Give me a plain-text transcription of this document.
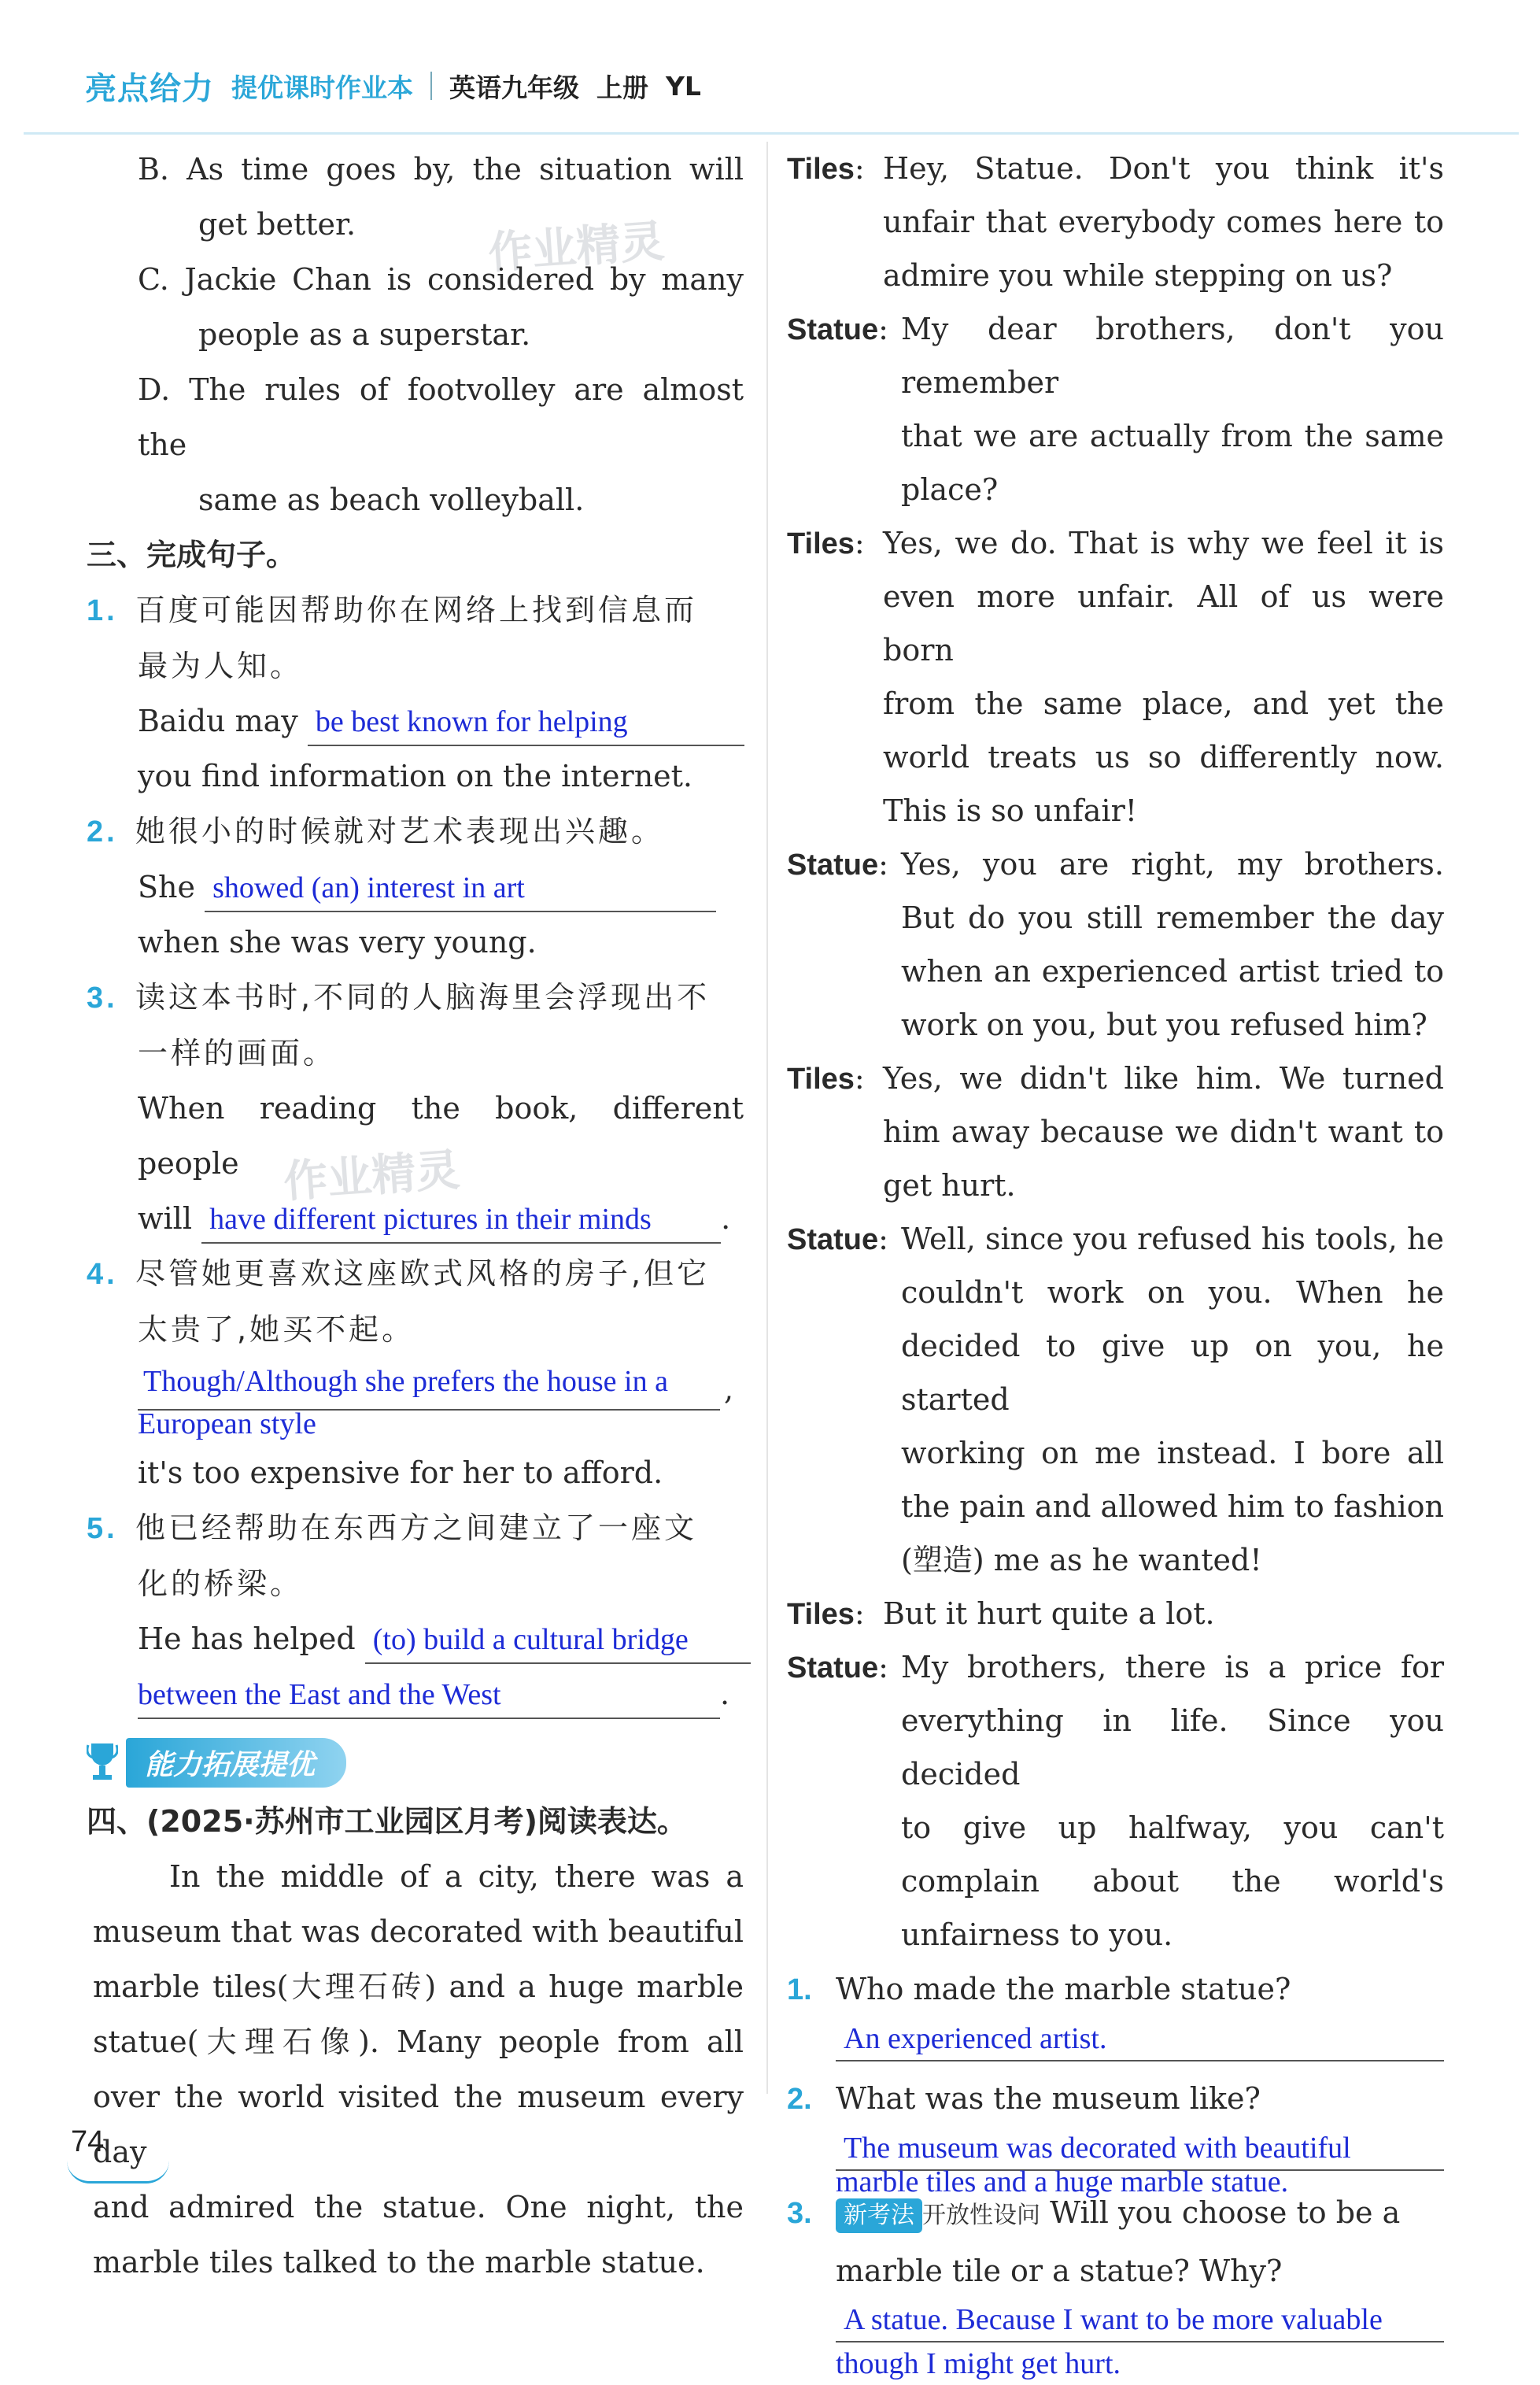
亮点给力 提优课时作业本 英语九年级 上册 YL
作业精灵
作业精灵
B. As time goes by, the situation will
get better.
C. Jackie Chan is considered by many
people as a superstar.
D. The rules of footvolley are almost the
same as beach volleyball.
三、完成句子。
1. 百度可能因帮助你在网络上找到信息而
最为人知。
Baidu may be best known for helping
you find information on the internet.
2. 她很小的时候就对艺术表现出兴趣。
She showed (an) interest in art
when she was very young.
3. 读这本书时,不同的人脑海里会浮现出不
一样的画面。
When reading the book, different people
will have different pictures in their minds .
4. 尽管她更喜欢这座欧式风格的房子,但它
太贵了,她买不起。
Though/Although she prefers the house in a ,
European style
it's too expensive for her to afford.
5. 他已经帮助在东西方之间建立了一座文
化的桥梁。
He has helped (to) build a cultural bridge
between the East and the West	.
能力拓展提优
四、(2025·苏州市工业园区月考)阅读表达。
In the middle of a city, there was a
museum that was decorated with beautiful
marble tiles(大理石砖) and a huge marble
statue(大理石像). Many people from all
over the world visited the museum every day
and admired the statue. One night, the
marble tiles talked to the marble statue.
Tiles: Hey, Statue. Don't you think it's
unfair that everybody comes here to
admire you while stepping on us?
Statue: My dear brothers, don't you remember
that we are actually from the same
place?
Tiles: Yes, we do. That is why we feel it is
even more unfair. All of us were born
from the same place, and yet the
world treats us so differently now.
This is so unfair!
Statue: Yes, you are right, my brothers.
But do you still remember the day
when an experienced artist tried to
work on you, but you refused him?
Tiles: Yes, we didn't like him. We turned
him away because we didn't want to
get hurt.
Statue: Well, since you refused his tools, he
couldn't work on you. When he
decided to give up on you, he started
working on me instead. I bore all
the pain and allowed him to fashion
(塑造) me as he wanted!
Tiles: But it hurt quite a lot.
Statue: My brothers, there is a price for
everything in life. Since you decided
to give up halfway, you can't
complain about the world's
unfairness to you.
1. Who made the marble statue?
An experienced artist.
2. What was the museum like?
The museum was decorated with beautiful
marble tiles and a huge marble statue.
3. 新考法 开放性设问 Will you choose to be a
marble tile or a statue? Why?
A statue. Because I want to be more valuable
though I might get hurt.
74
